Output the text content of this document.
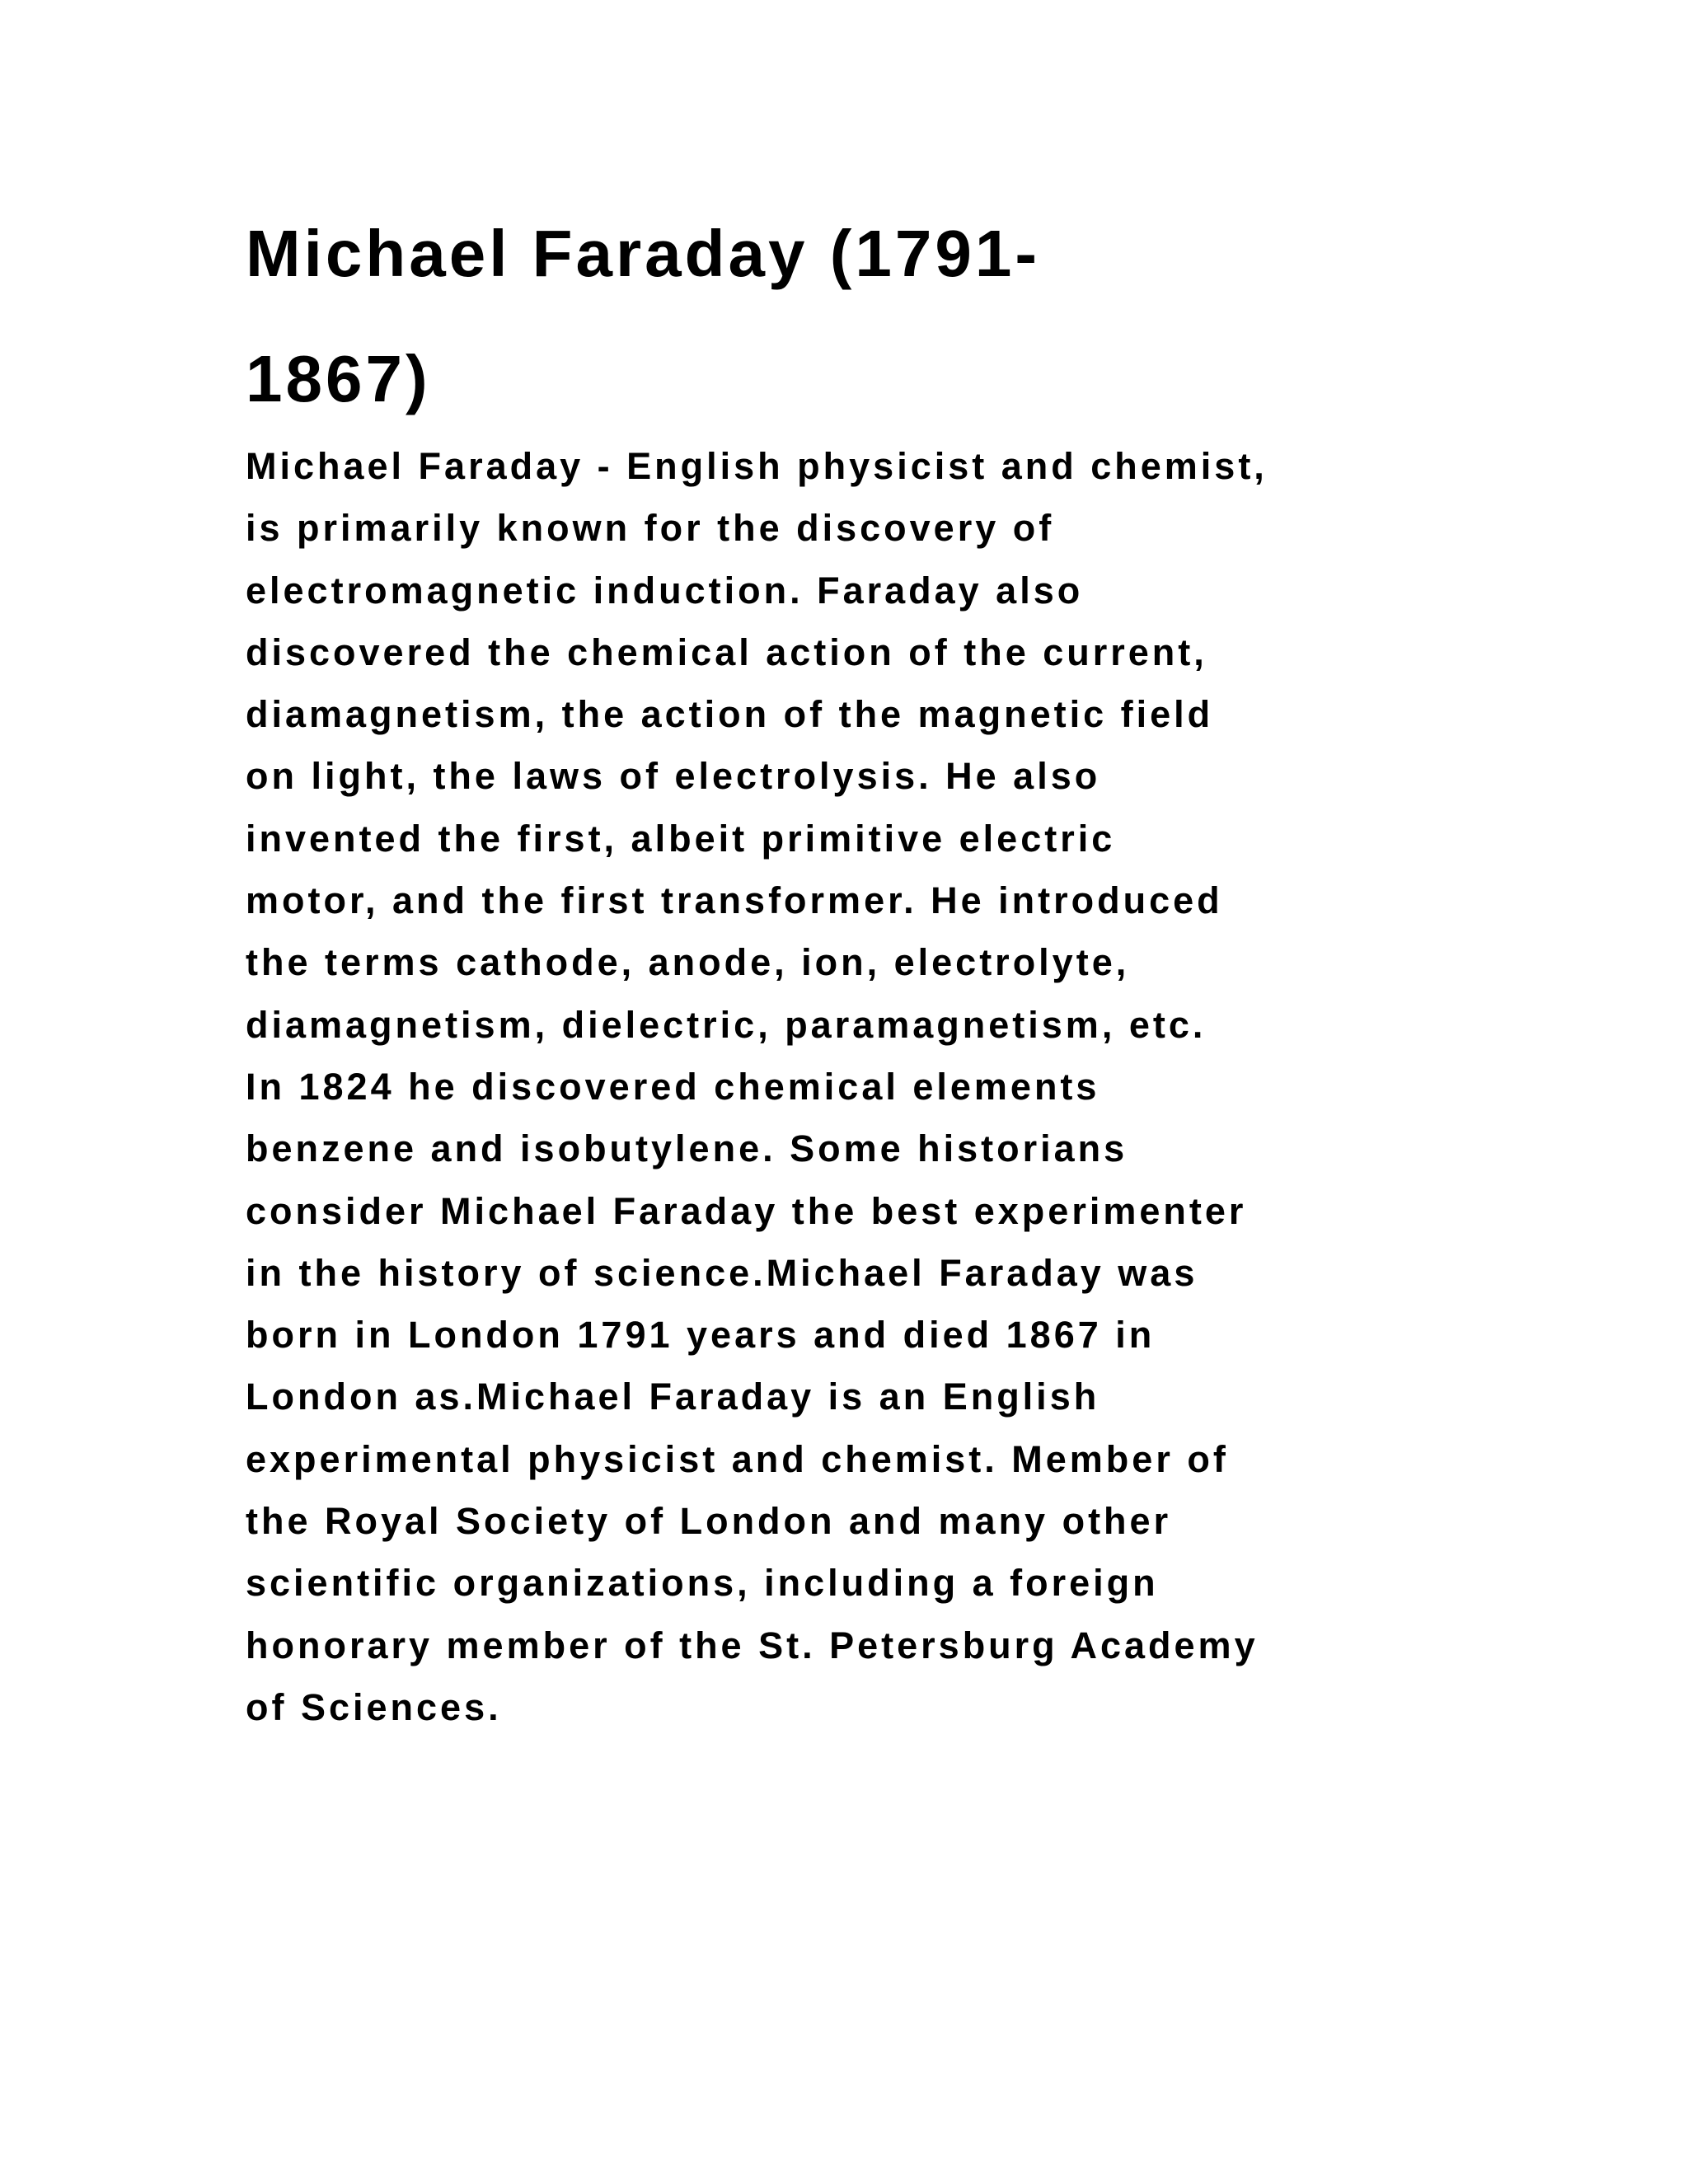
Michael Faraday (1791-
1867)
Michael Faraday - English physicist and chemist,
is primarily known for the discovery of
electromagnetic induction. Faraday also
discovered the chemical action of the current,
diamagnetism, the action of the magnetic field
on light, the laws of electrolysis. He also
invented the first, albeit primitive electric
motor, and the first transformer. He introduced
the terms cathode, anode, ion, electrolyte,
diamagnetism, dielectric, paramagnetism, etc.
In 1824 he discovered chemical elements
benzene and isobutylene. Some historians
consider Michael Faraday the best experimenter
in the history of science.Michael Faraday was
born in London 1791 years and died 1867 in
London as.Michael Faraday is an English
experimental physicist and chemist. Member of
the Royal Society of London and many other
scientific organizations, including a foreign
honorary member of the St. Petersburg Academy
of Sciences.
